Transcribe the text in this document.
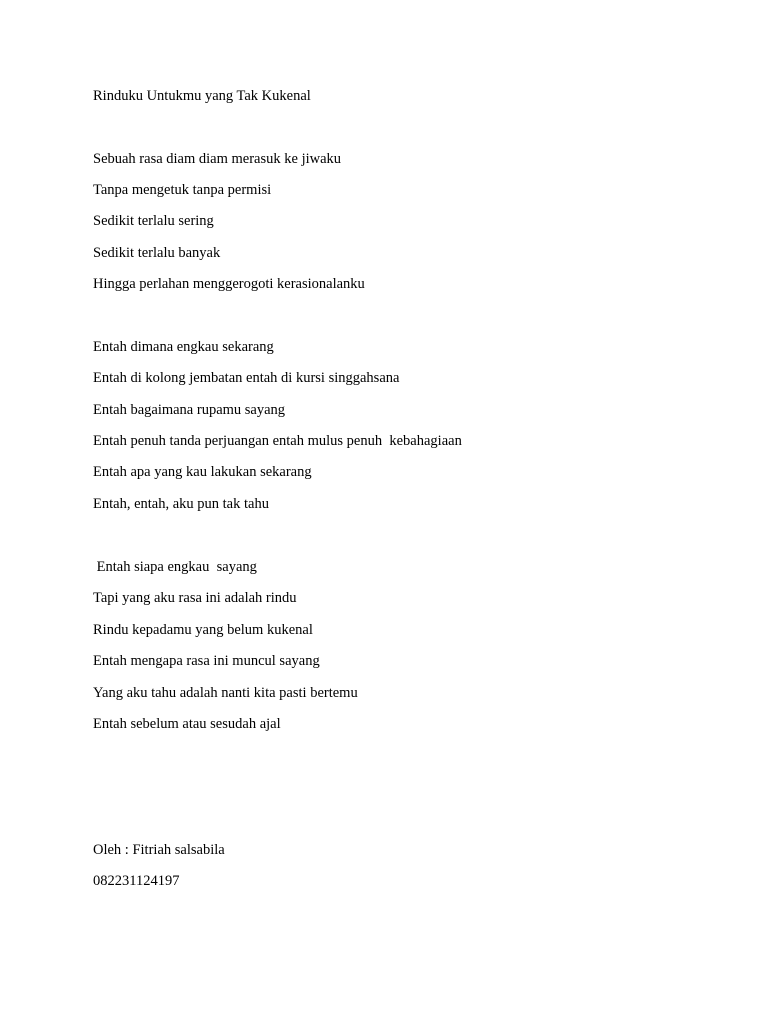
Rinduku Untukmu yang Tak Kukenal

Sebuah rasa diam diam merasuk ke jiwaku

Tanpa mengetuk tanpa permisi

Sedikit terlalu sering

Sedikit terlalu banyak

Hingga perlahan menggerogoti kerasionalanku

Entah dimana engkau sekarang

Entah di kolong jembatan entah di kursi singgahsana

Entah bagaimana rupamu sayang

Entah penuh tanda perjuangan entah mulus penuh  kebahagiaan

Entah apa yang kau lakukan sekarang

Entah, entah, aku pun tak tahu

Entah siapa engkau  sayang

Tapi yang aku rasa ini adalah rindu

Rindu kepadamu yang belum kukenal

Entah mengapa rasa ini muncul sayang

Yang aku tahu adalah nanti kita pasti bertemu

Entah sebelum atau sesudah ajal

Oleh : Fitriah salsabila

082231124197
